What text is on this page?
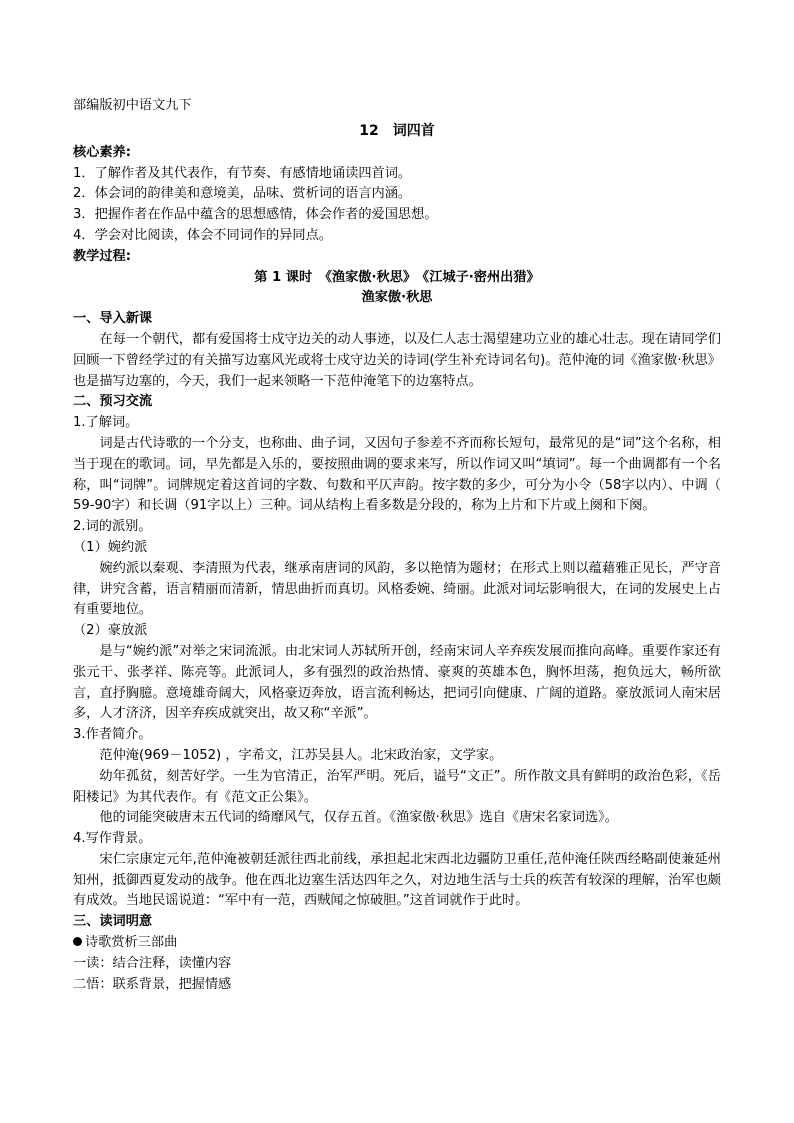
部编版初中语文九下

12　词四首

核心素养:

1．了解作者及其代表作，有节奏、有感情地诵读四首词。

2．体会词的韵律美和意境美，品味、赏析词的语言内涵。

3．把握作者在作品中蕴含的思想感情，体会作者的爱国思想。

4．学会对比阅读，体会不同词作的异同点。

教学过程:

第 1 课时　《渔家傲·秋思》　《江城子·密州出猎》

渔家傲·秋思

一、导入新课

在每一个朝代，都有爱国将士戍守边关的动人事迹，以及仁人志士渴望建功立业的雄心壮志。现在请同学们回顾一下曾经学过的有关描写边塞风光或将士戍守边关的诗词(学生补充诗词名句)。范仲淹的词《渔家傲·秋思》也是描写边塞的，今天，我们一起来领略一下范仲淹笔下的边塞特点。

二、预习交流

1.了解词。

词是古代诗歌的一个分支，也称曲、曲子词，又因句子参差不齐而称长短句，最常见的是“词”这个名称，相当于现在的歌词。词，早先都是入乐的，要按照曲调的要求来写，所以作词又叫“填词”。每一个曲调都有一个名称，叫“词牌”。词牌规定着这首词的字数、句数和平仄声韵。按字数的多少，可分为小令（58字以内）、中调（ 59-90字）和长调（91字以上）三种。词从结构上看多数是分段的，称为上片和下片或上阕和下阕。

2.词的派别。

（1）婉约派

婉约派以秦观、李清照为代表，继承南唐词的风韵，多以艳情为题材；在形式上则以蕴藉雅正见长，严守音律，讲究含蓄，语言精丽而清新，情思曲折而真切。风格委婉、绮丽。此派对词坛影响很大，在词的发展史上占有重要地位。

（2）豪放派

是与“婉约派”对举之宋词流派。由北宋词人苏轼所开创，经南宋词人辛弃疾发展而推向高峰。重要作家还有张元干、张孝祥、陈亮等。此派词人，多有强烈的政治热情、豪爽的英雄本色，胸怀坦荡，抱负远大，畅所欲言，直抒胸臆。意境雄奇阔大，风格豪迈奔放，语言流利畅达，把词引向健康、广阔的道路。豪放派词人南宋居多，人才济济，因辛弃疾成就突出，故又称“辛派”。

3.作者简介。

范仲淹(969－1052) ，字希文，江苏吴县人。北宋政治家，文学家。

幼年孤贫，刻苦好学。一生为官清正，治军严明。死后，谥号“文正”。所作散文具有鲜明的政治色彩，《岳阳楼记》为其代表作。有《范文正公集》。

他的词能突破唐末五代词的绮靡风气，仅存五首。《渔家傲·秋思》选自《唐宋名家词选》。

4.写作背景。

宋仁宗康定元年,范仲淹被朝廷派往西北前线，承担起北宋西北边疆防卫重任,范仲淹任陕西经略副使兼延州知州，抵御西夏发动的战争。他在西北边塞生活达四年之久，对边地生活与士兵的疾苦有较深的理解，治军也颇有成效。当地民谣说道：“军中有一范，西贼闻之惊破胆。”这首词就作于此时。

三、读词明意

诗歌赏析三部曲

一读：结合注释，读懂内容

二悟：联系背景，把握情感
